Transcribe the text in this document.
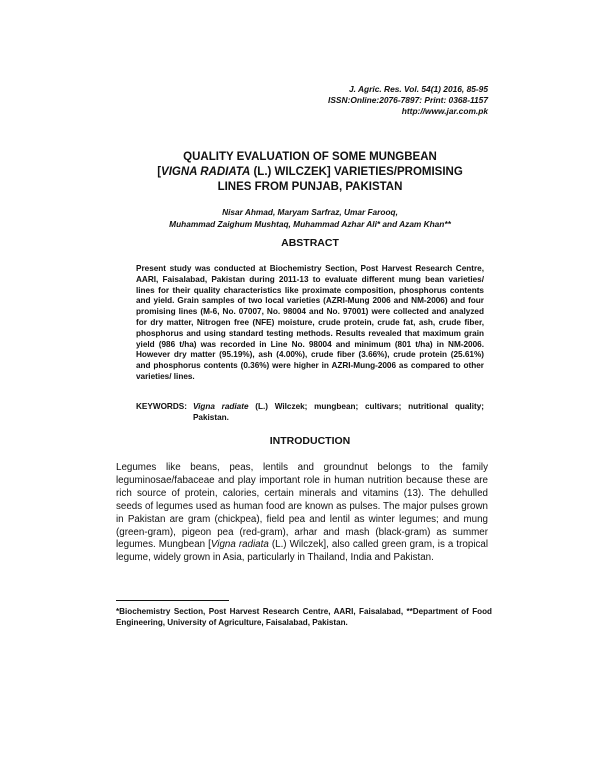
J. Agric. Res. Vol. 54(1) 2016, 85-95
ISSN:Online:2076-7897: Print: 0368-1157
http://www.jar.com.pk
QUALITY EVALUATION OF SOME MUNGBEAN
[VIGNA RADIATA (L.) WILCZEK] VARIETIES/PROMISING
LINES FROM PUNJAB, PAKISTAN
Nisar Ahmad, Maryam Sarfraz, Umar Farooq,
Muhammad Zaighum Mushtaq, Muhammad Azhar Ali* and Azam Khan**
ABSTRACT
Present study was conducted at Biochemistry Section, Post Harvest Research Centre, AARI, Faisalabad, Pakistan during 2011-13 to evaluate different mung bean varieties/ lines for their quality characteristics like proximate composition, phosphorus contents and yield. Grain samples of two local varieties (AZRI-Mung 2006 and NM-2006) and four promising lines (M-6, No. 07007, No. 98004 and No. 97001) were collected and analyzed for dry matter, Nitrogen free (NFE) moisture, crude protein, crude fat, ash, crude fiber, phosphorus and using standard testing methods. Results revealed that maximum grain yield (986 t/ha) was recorded in Line No. 98004 and minimum (801 t/ha) in NM-2006. However dry matter (95.19%), ash (4.00%), crude fiber (3.66%), crude protein (25.61%) and phosphorus contents (0.36%) were higher in AZRI-Mung-2006 as compared to other varieties/ lines.
KEYWORDS: Vigna radiate (L.) Wilczek; mungbean; cultivars; nutritional quality; Pakistan.
INTRODUCTION
Legumes like beans, peas, lentils and groundnut belongs to the family leguminosae/fabaceae and play important role in human nutrition because these are rich source of protein, calories, certain minerals and vitamins (13). The dehulled seeds of legumes used as human food are known as pulses. The major pulses grown in Pakistan are gram (chickpea), field pea and lentil as winter legumes; and mung (green-gram), pigeon pea (red-gram), arhar and mash (black-gram) as summer legumes. Mungbean [Vigna radiata (L.) Wilczek], also called green gram, is a tropical legume, widely grown in Asia, particularly in Thailand, India and Pakistan.
*Biochemistry Section, Post Harvest Research Centre, AARI, Faisalabad, **Department of Food Engineering, University of Agriculture, Faisalabad, Pakistan.
